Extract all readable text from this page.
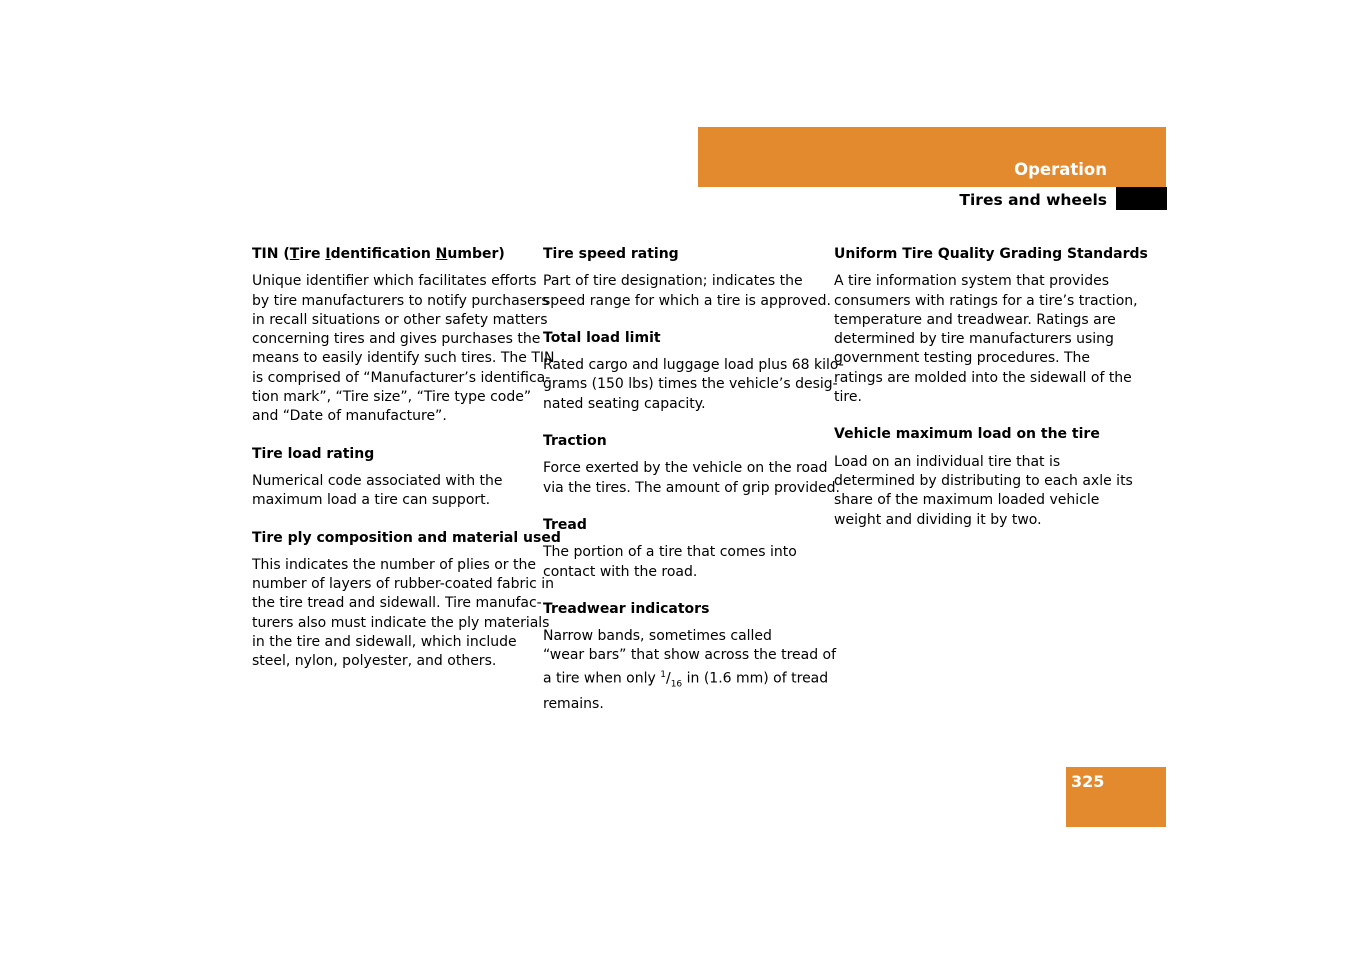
Operation
Tires and wheels
TIN (Tire Identification Number)
Unique identifier which facilitates efforts
by tire manufacturers to notify purchasers
in recall situations or other safety matters
concerning tires and gives purchases the
means to easily identify such tires. The TIN
is comprised of “Manufacturer’s identifica-
tion mark”, “Tire size”, “Tire type code”
and “Date of manufacture”.
Tire load rating
Numerical code associated with the
maximum load a tire can support.
Tire ply composition and material used
This indicates the number of plies or the
number of layers of rubber-coated fabric in
the tire tread and sidewall. Tire manufac-
turers also must indicate the ply materials
in the tire and sidewall, which include
steel, nylon, polyester, and others.
Tire speed rating
Part of tire designation; indicates the
speed range for which a tire is approved.
Total load limit
Rated cargo and luggage load plus 68 kilo-
grams (150 lbs) times the vehicle’s desig-
nated seating capacity.
Traction
Force exerted by the vehicle on the road
via the tires. The amount of grip provided.
Tread
The portion of a tire that comes into
contact with the road.
Treadwear indicators
Narrow bands, sometimes called
“wear bars” that show across the tread of
a tire when only $^1/_{16}$ in (1.6 mm) of tread
remains.
Uniform Tire Quality Grading Standards
A tire information system that provides
consumers with ratings for a tire’s traction,
temperature and treadwear. Ratings are
determined by tire manufacturers using
government testing procedures. The
ratings are molded into the sidewall of the
tire.
Vehicle maximum load on the tire
Load on an individual tire that is
determined by distributing to each axle its
share of the maximum loaded vehicle
weight and dividing it by two.
325
